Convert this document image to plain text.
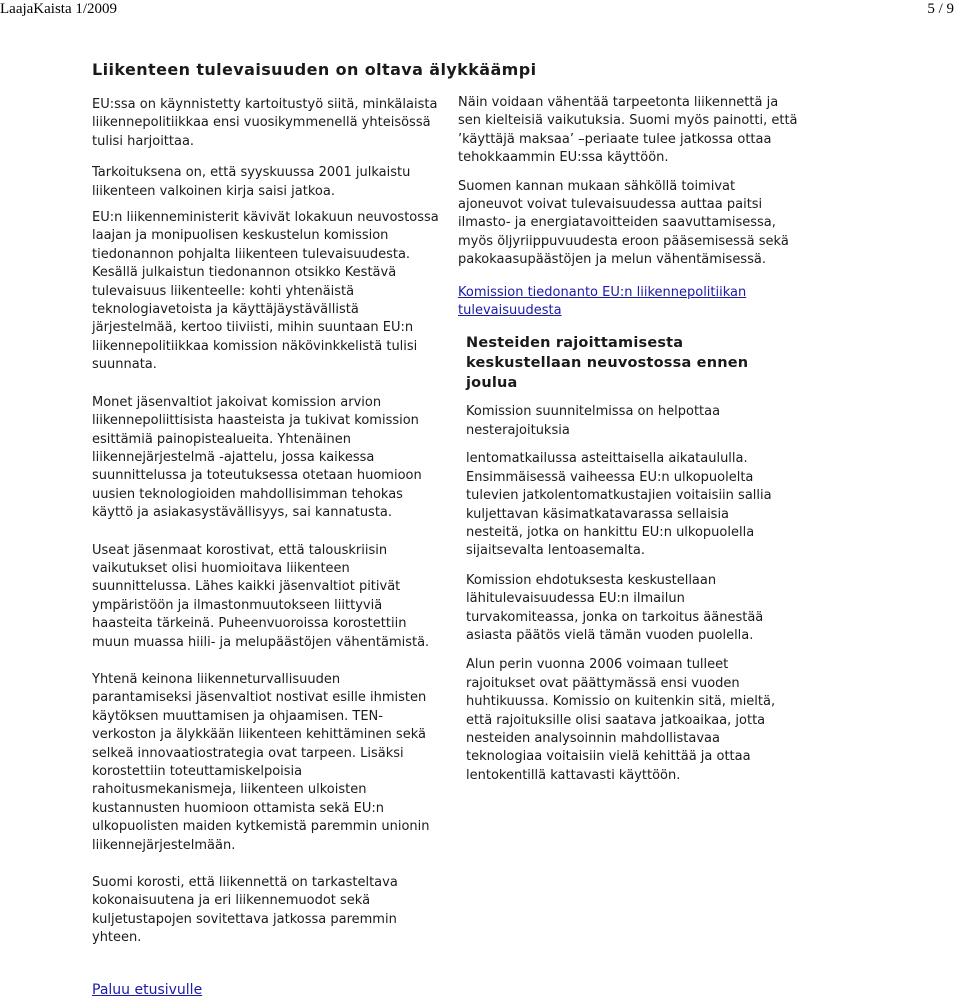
LaajaKaista 1/2009	5 / 9
Liikenteen tulevaisuuden on oltava älykkäämpi

EU:ssa on käynnistetty kartoitustyö siitä, minkälaista liikennepolitiikkaa ensi vuosikymmenellä yhteisössä tulisi harjoittaa.

Tarkoituksena on, että syyskuussa 2001 julkaistu liikenteen valkoinen kirja saisi jatkoa.

EU:n liikenneministerit kävivät lokakuun neuvostossa laajan ja monipuolisen keskustelun komission tiedonannon pohjalta liikenteen tulevaisuudesta. Kesällä julkaistun tiedonannon otsikko Kestävä tulevaisuus liikenteelle: kohti yhtenäistä teknologiavetoista ja käyttäjäystävällistä järjestelmää, kertoo tiiviisti, mihin suuntaan EU:n liikennepolitiikkaa komission näkövinkkelistä tulisi suunnata.

Monet jäsenvaltiot jakoivat komission arvion liikennepoliittisista haasteista ja tukivat komission esittämiä painopistealueita. Yhtenäinen liikennejärjestelmä -ajattelu, jossa kaikessa suunnittelussa ja toteutuksessa otetaan huomioon uusien teknologioiden mahdollisimman tehokas käyttö ja asiakasystävällisyys, sai kannatusta.

Useat jäsenmaat korostivat, että talouskriisin vaikutukset olisi huomioitava liikenteen suunnittelussa. Lähes kaikki jäsenvaltiot pitivät ympäristöön ja ilmastonmuutokseen liittyviä haasteita tärkeinä. Puheenvuoroissa korostettiin muun muassa hiili- ja melupäästöjen vähentämistä.

Yhtenä keinona liikenneturvallisuuden parantamiseksi jäsenvaltiot nostivat esille ihmisten käytöksen muuttamisen ja ohjaamisen. TEN-verkoston ja älykkään liikenteen kehittäminen sekä selkeä innovaatiostrategia ovat tarpeen. Lisäksi korostettiin toteuttamiskelpoisia rahoitusmekanismeja, liikenteen ulkoisten kustannusten huomioon ottamista sekä EU:n ulkopuolisten maiden kytkemistä paremmin unionin liikennejärjestelmään.

Suomi korosti, että liikennettä on tarkasteltava kokonaisuutena ja eri liikennemuodot sekä kuljetustapojen sovitettava jatkossa paremmin yhteen.

Näin voidaan vähentää tarpeetonta liikennettä ja sen kielteisiä vaikutuksia. Suomi myös painotti, että ’käyttäjä maksaa’ –periaate tulee jatkossa ottaa tehokkaammin EU:ssa käyttöön.

Suomen kannan mukaan sähköllä toimivat ajoneuvot voivat tulevaisuudessa auttaa paitsi ilmasto- ja energiatavoitteiden saavuttamisessa, myös öljyriippuvuudesta eroon pääsemisessä sekä pakokaasupäästöjen ja melun vähentämisessä.

Komission tiedonanto EU:n liikennepolitiikan tulevaisuudesta

Nesteiden rajoittamisesta keskustellaan neuvostossa ennen joulua

Komission suunnitelmissa on helpottaa nesterajoituksia

lentomatkailussa asteittaisella aikataululla. Ensimmäisessä vaiheessa EU:n ulkopuolelta tulevien jatkolentomatkustajien voitaisiin sallia kuljettavan käsimatkatavarassa sellaisia nesteitä, jotka on hankittu EU:n ulkopuolella sijaitsevalta lentoasemalta.

Komission ehdotuksesta keskustellaan lähitulevaisuudessa EU:n ilmailun turvakomiteassa, jonka on tarkoitus äänestää asiasta päätös vielä tämän vuoden puolella.

Alun perin vuonna 2006 voimaan tulleet rajoitukset ovat päättymässä ensi vuoden huhtikuussa. Komissio on kuitenkin sitä, mieltä, että rajoituksille olisi saatava jatkoaikaa, jotta nesteiden analysoinnin mahdollistavaa teknologiaa voitaisiin vielä kehittää ja ottaa lentokentillä kattavasti käyttöön.

Paluu etusivulle
